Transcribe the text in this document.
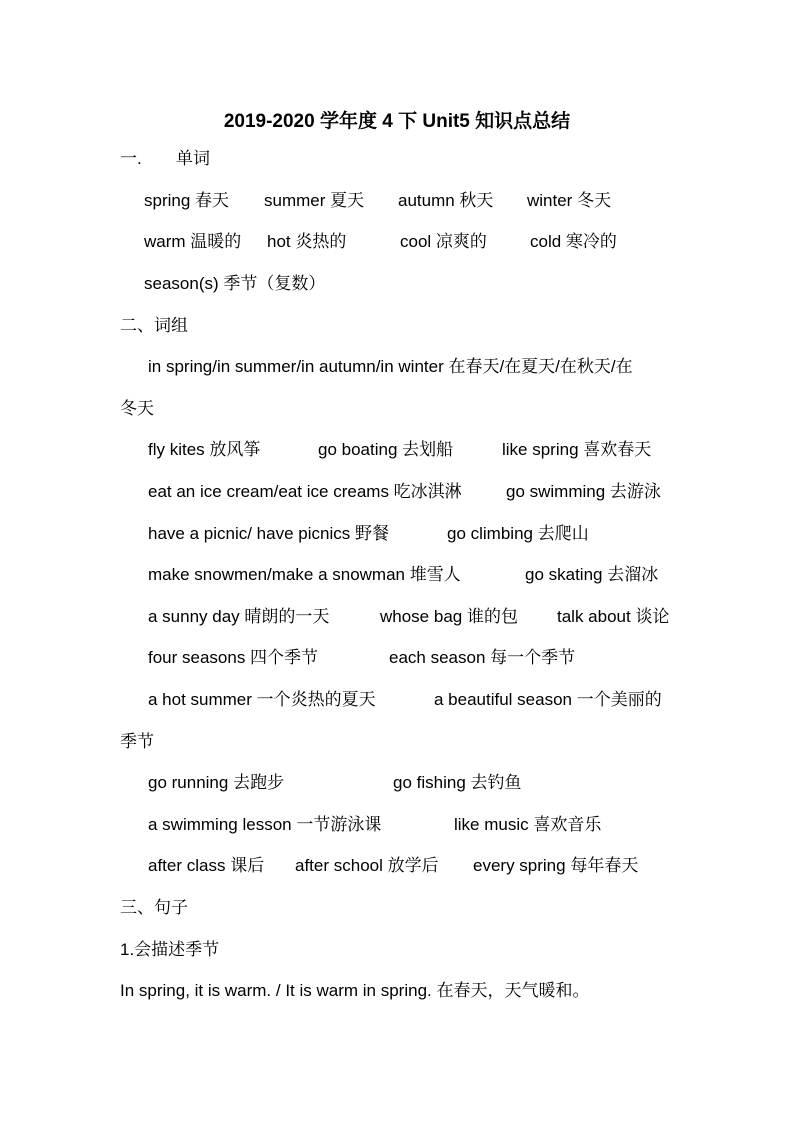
2019-2020 学年度 4 下 Unit5 知识点总结
一. 单词
spring 春天 summer 夏天 autumn 秋天 winter 冬天
warm 温暖的 hot 炎热的	cool 凉爽的	cold 寒冷的
season(s) 季节（复数）
二、词组
in spring/in summer/in autumn/in winter 在春天/在夏天/在秋天/在
冬天
fly kites 放风筝	go boating 去划船	like spring 喜欢春天
eat an ice cream/eat ice creams 吃冰淇淋	go swimming 去游泳
have a picnic/ have picnics 野餐	go climbing 去爬山
make snowmen/make a snowman 堆雪人	go skating 去溜冰
a sunny day 晴朗的一天	whose bag 谁的包 talk about 谈论
four seasons 四个季节	each season 每一个季节
a hot summer 一个炎热的夏天	a beautiful season 一个美丽的
季节
go running 去跑步	go fishing 去钓鱼
a swimming lesson 一节游泳课	like music 喜欢音乐
after class 课后 after school 放学后 every spring 每年春天
三、句子
1.会描述季节
In spring, it is warm. / It is warm in spring. 在春天，天气暖和。
